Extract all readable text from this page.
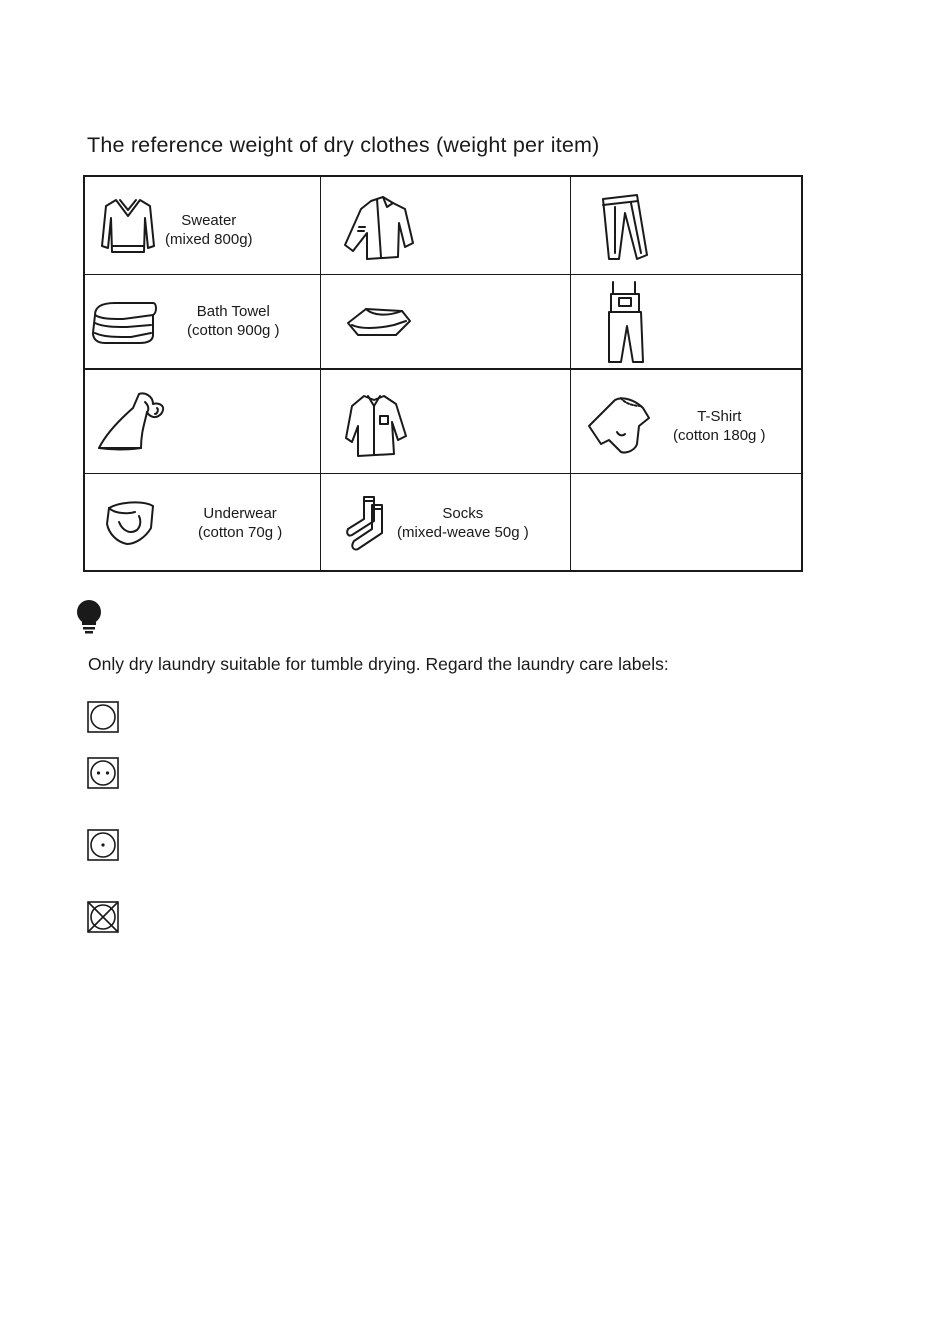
The reference weight of dry clothes (weight per item)
Sweater
(mixed 800g)
Bath Towel
(cotton 900g )
T-Shirt
(cotton 180g )
Underwear
(cotton 70g )
Socks
(mixed-weave 50g )
Only dry laundry suitable for tumble drying. Regard the laundry care labels:
